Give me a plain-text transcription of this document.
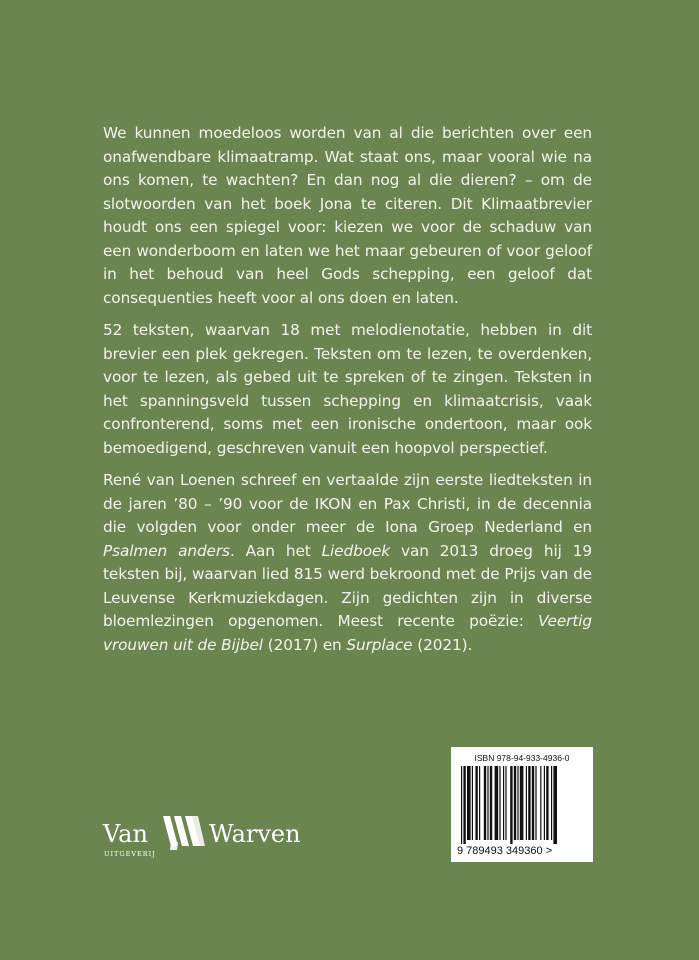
We kunnen moedeloos worden van al die berichten over een onafwendbare klimaatramp. Wat staat ons, maar vooral wie na ons komen, te wachten? En dan nog al die dieren? – om de slotwoorden van het boek Jona te citeren. Dit Klimaatbrevier houdt ons een spiegel voor: kiezen we voor de schaduw van een wonderboom en laten we het maar gebeuren of voor geloof in het behoud van heel Gods schepping, een geloof dat consequenties heeft voor al ons doen en laten.

52 teksten, waarvan 18 met melodienotatie, hebben in dit brevier een plek gekregen. Teksten om te lezen, te overdenken, voor te lezen, als gebed uit te spreken of te zingen. Teksten in het spanningsveld tussen schepping en klimaatcrisis, vaak confronterend, soms met een ironische ondertoon, maar ook bemoedigend, geschreven vanuit een hoopvol perspectief.

René van Loenen schreef en vertaalde zijn eerste liedteksten in de jaren ’80 – ’90 voor de IKON en Pax Christi, in de decennia die volgden voor onder meer de Iona Groep Nederland en Psalmen anders. Aan het Liedboek van 2013 droeg hij 19 teksten bij, waarvan lied 815 werd bekroond met de Prijs van de Leuvense Kerkmuziekdagen. Zijn gedichten zijn in diverse bloemlezingen opgenomen. Meest recente poëzie: Veertig vrouwen uit de Bijbel (2017) en Surplace (2021).

Van	Warven
UITGEVERIJ
ISBN 978-94-933-4936-0
9 789493 349360 >
